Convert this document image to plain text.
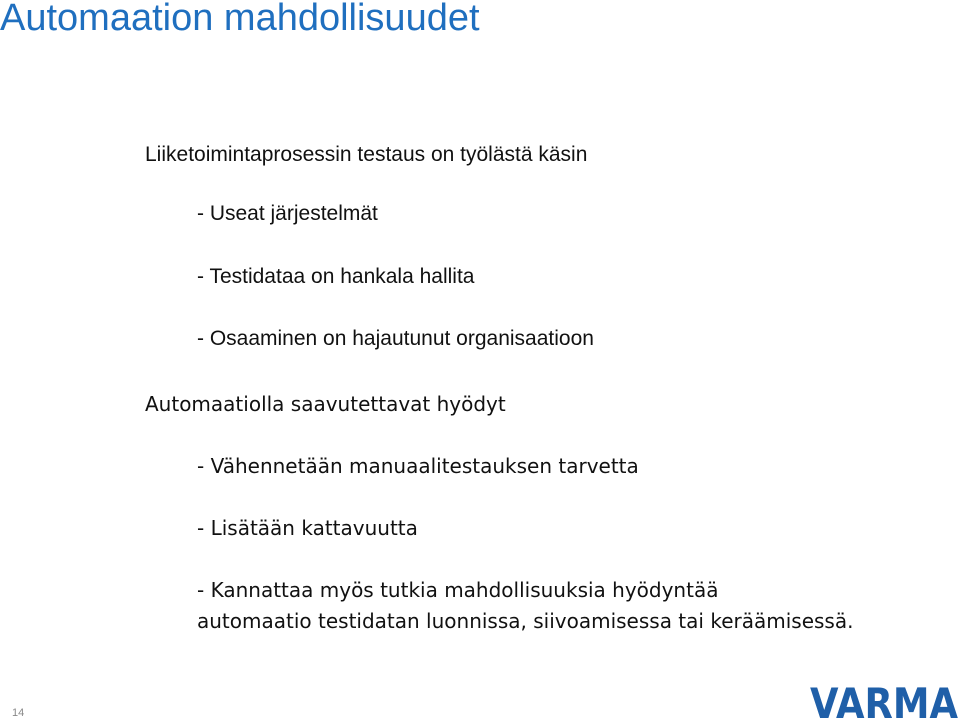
Automaation mahdollisuudet

Liiketoimintaprosessin testaus on työlästä käsin

- Useat järjestelmät

- Testidataa on hankala hallita

- Osaaminen on hajautunut organisaatioon

Automaatiolla saavutettavat hyödyt

- Vähennetään manuaalitestauksen tarvetta

- Lisätään kattavuutta

- Kannattaa myös tutkia mahdollisuuksia hyödyntää

automaatio testidatan luonnissa, siivoamisessa tai keräämisessä.

14	VARMA
